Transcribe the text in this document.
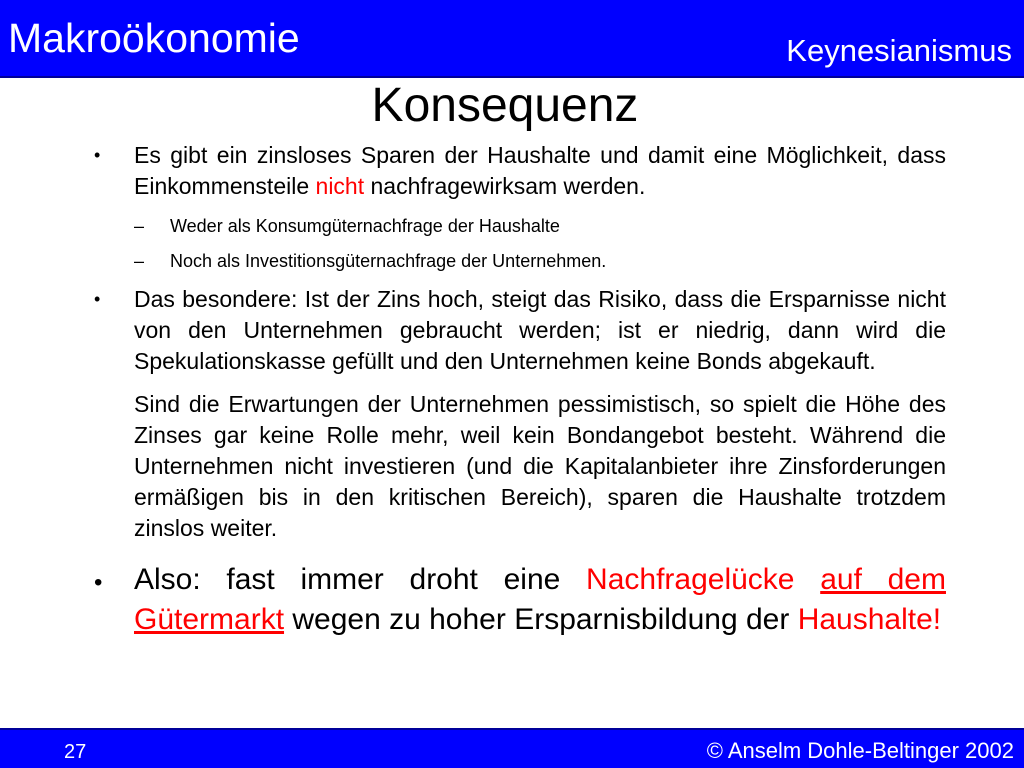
Makroökonomie	Keynesianismus
Konsequenz

• Es gibt ein zinsloses Sparen der Haushalte und damit eine Möglichkeit, dass Einkommensteile nicht nachfragewirksam werden.

– Weder als Konsumgüternachfrage der Haushalte

– Noch als Investitionsgüternachfrage der Unternehmen.

• Das besondere: Ist der Zins hoch, steigt das Risiko, dass die Ersparnisse nicht von den Unternehmen gebraucht werden; ist er niedrig, dann wird die Spekulationskasse gefüllt und den Unternehmen keine Bonds abgekauft.

Sind die Erwartungen der Unternehmen pessimistisch, so spielt die Höhe des Zinses gar keine Rolle mehr, weil kein Bondangebot besteht. Während die Unternehmen nicht investieren (und die Kapitalanbieter ihre Zinsforderungen ermäßigen bis in den kritischen Bereich), sparen die Haushalte trotzdem zinslos weiter.

• Also: fast immer droht eine Nachfragelücke auf dem Gütermarkt wegen zu hoher Ersparnisbildung der Haushalte!

27	© Anselm Dohle-Beltinger 2002
